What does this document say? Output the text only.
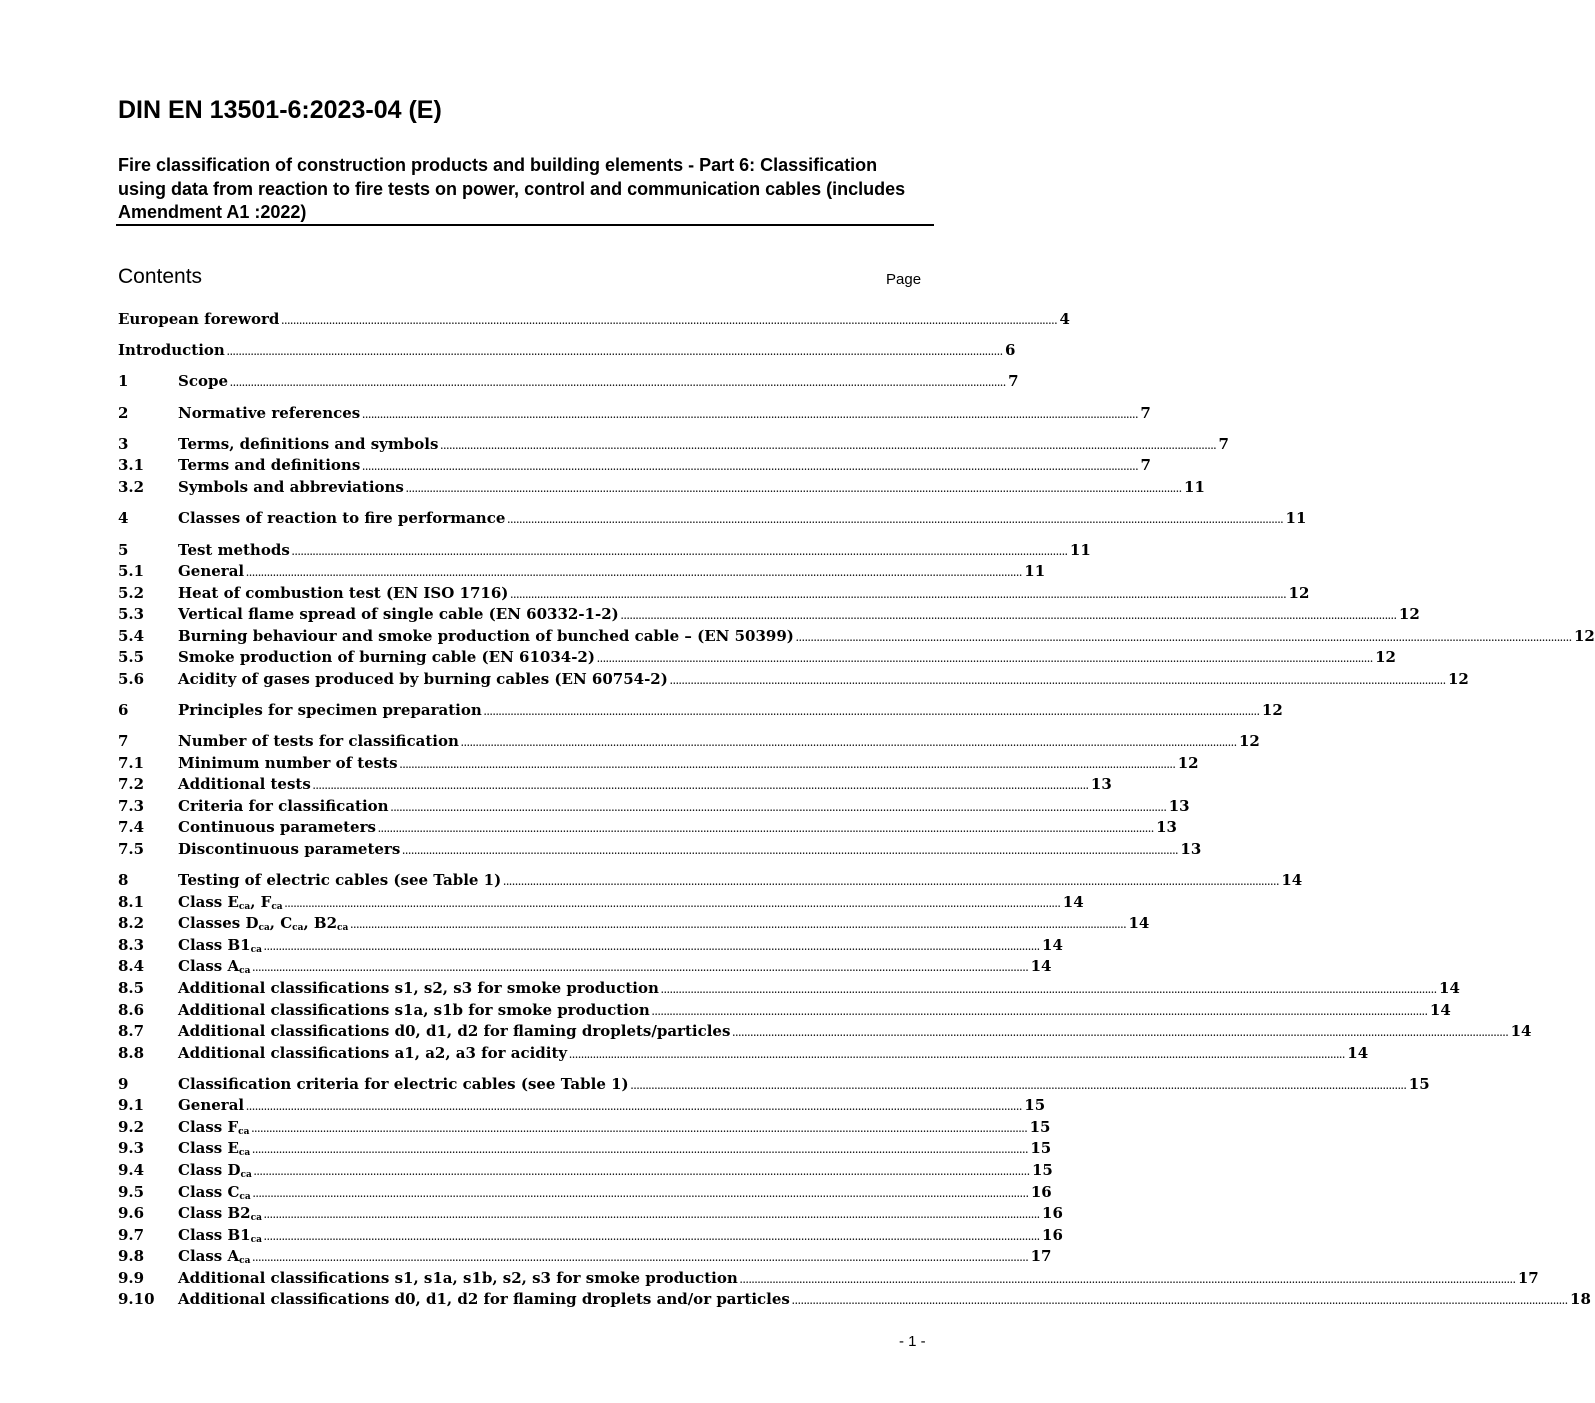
DIN EN 13501-6:2023-04 (E)
Fire classification of construction products and building elements - Part 6: Classification using data from reaction to fire tests on power, control and communication cables (includes Amendment A1 :2022)
Contents	Page
European foreword .................................................................................................................................................................................................................................................................... 4
Introduction .................................................................................................................................................................................................................................................................... 6
1	Scope .................................................................................................................................................................................................................................................................... 7
2	Normative references .................................................................................................................................................................................................................................................................... 7
3	Terms, definitions and symbols .................................................................................................................................................................................................................................................................... 7
3.1	Terms and definitions .................................................................................................................................................................................................................................................................... 7
3.2	Symbols and abbreviations .................................................................................................................................................................................................................................................................... 11
4	Classes of reaction to fire performance .................................................................................................................................................................................................................................................................... 11
5	Test methods .................................................................................................................................................................................................................................................................... 11
5.1	General .................................................................................................................................................................................................................................................................... 11
5.2	Heat of combustion test (EN ISO 1716) .................................................................................................................................................................................................................................................................... 12
5.3	Vertical flame spread of single cable (EN 60332-1-2) .................................................................................................................................................................................................................................................................... 12
5.4	Burning behaviour and smoke production of bunched cable – (EN 50399) .................................................................................................................................................................................................................................................................... 12
5.5	Smoke production of burning cable (EN 61034-2) .................................................................................................................................................................................................................................................................... 12
5.6	Acidity of gases produced by burning cables (EN 60754-2) .................................................................................................................................................................................................................................................................... 12
6	Principles for specimen preparation .................................................................................................................................................................................................................................................................... 12
7	Number of tests for classification .................................................................................................................................................................................................................................................................... 12
7.1	Minimum number of tests .................................................................................................................................................................................................................................................................... 12
7.2	Additional tests .................................................................................................................................................................................................................................................................... 13
7.3	Criteria for classification .................................................................................................................................................................................................................................................................... 13
7.4	Continuous parameters .................................................................................................................................................................................................................................................................... 13
7.5	Discontinuous parameters .................................................................................................................................................................................................................................................................... 13
8	Testing of electric cables (see Table 1) .................................................................................................................................................................................................................................................................... 14
8.1	Class $E_{ca}$, $F_{ca}$ .................................................................................................................................................................................................................................................................... 14
8.2	Classes $D_{ca}$, $C_{ca}$, $B2_{ca}$ .................................................................................................................................................................................................................................................................... 14
8.3	Class $B1_{ca}$ .................................................................................................................................................................................................................................................................... 14
8.4	Class $A_{ca}$ .................................................................................................................................................................................................................................................................... 14
8.5	Additional classifications s1, s2, s3 for smoke production .................................................................................................................................................................................................................................................................... 14
8.6	Additional classifications s1a, s1b for smoke production .................................................................................................................................................................................................................................................................... 14
8.7	Additional classifications d0, d1, d2 for flaming droplets/particles .................................................................................................................................................................................................................................................................... 14
8.8	Additional classifications a1, a2, a3 for acidity .................................................................................................................................................................................................................................................................... 14
9	Classification criteria for electric cables (see Table 1) .................................................................................................................................................................................................................................................................... 15
9.1	General .................................................................................................................................................................................................................................................................... 15
9.2	Class $F_{ca}$ .................................................................................................................................................................................................................................................................... 15
9.3	Class $E_{ca}$ .................................................................................................................................................................................................................................................................... 15
9.4	Class $D_{ca}$ .................................................................................................................................................................................................................................................................... 15
9.5	Class $C_{ca}$ .................................................................................................................................................................................................................................................................... 16
9.6	Class $B2_{ca}$ .................................................................................................................................................................................................................................................................... 16
9.7	Class $B1_{ca}$ .................................................................................................................................................................................................................................................................... 16
9.8	Class $A_{ca}$ .................................................................................................................................................................................................................................................................... 17
9.9	Additional classifications s1, s1a, s1b, s2, s3 for smoke production .................................................................................................................................................................................................................................................................... 17
9.10	Additional classifications d0, d1, d2 for flaming droplets and/or particles .................................................................................................................................................................................................................................................................... 18
- 1 -
